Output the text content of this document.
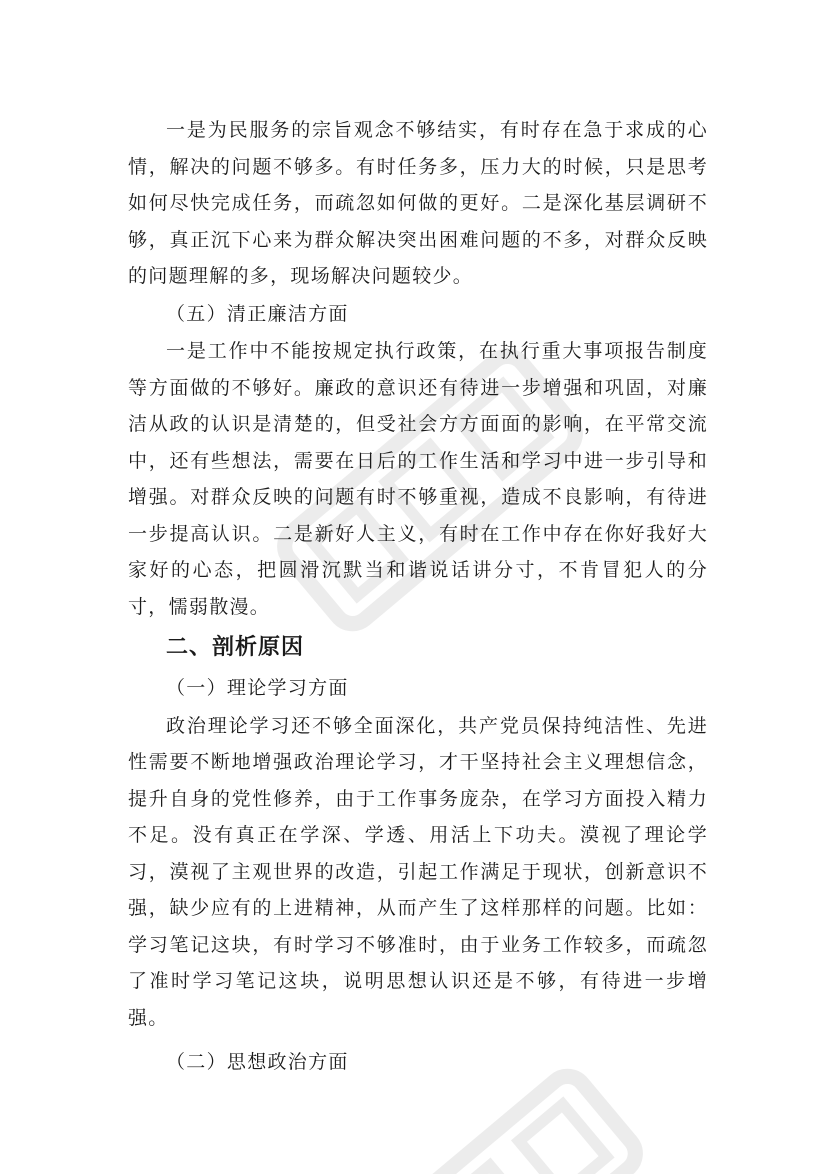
一是为民服务的宗旨观念不够结实，有时存在急于求成的心情，解决的问题不够多。有时任务多，压力大的时候，只是思考如何尽快完成任务，而疏忽如何做的更好。二是深化基层调研不够，真正沉下心来为群众解决突出困难问题的不多，对群众反映的问题理解的多，现场解决问题较少。

（五）清正廉洁方面

一是工作中不能按规定执行政策，在执行重大事项报告制度等方面做的不够好。廉政的意识还有待进一步增强和巩固，对廉洁从政的认识是清楚的，但受社会方方面面的影响，在平常交流中，还有些想法，需要在日后的工作生活和学习中进一步引导和增强。对群众反映的问题有时不够重视，造成不良影响，有待进一步提高认识。二是新好人主义，有时在工作中存在你好我好大家好的心态，把圆滑沉默当和谐说话讲分寸，不肯冒犯人的分寸，懦弱散漫。

二、剖析原因

（一）理论学习方面

政治理论学习还不够全面深化，共产党员保持纯洁性、先进性需要不断地增强政治理论学习，才干坚持社会主义理想信念，提升自身的党性修养，由于工作事务庞杂，在学习方面投入精力不足。没有真正在学深、学透、用活上下功夫。漠视了理论学习，漠视了主观世界的改造，引起工作满足于现状，创新意识不强，缺少应有的上进精神，从而产生了这样那样的问题。比如：学习笔记这块，有时学习不够准时，由于业务工作较多，而疏忽了准时学习笔记这块，说明思想认识还是不够，有待进一步增强。

（二）思想政治方面
